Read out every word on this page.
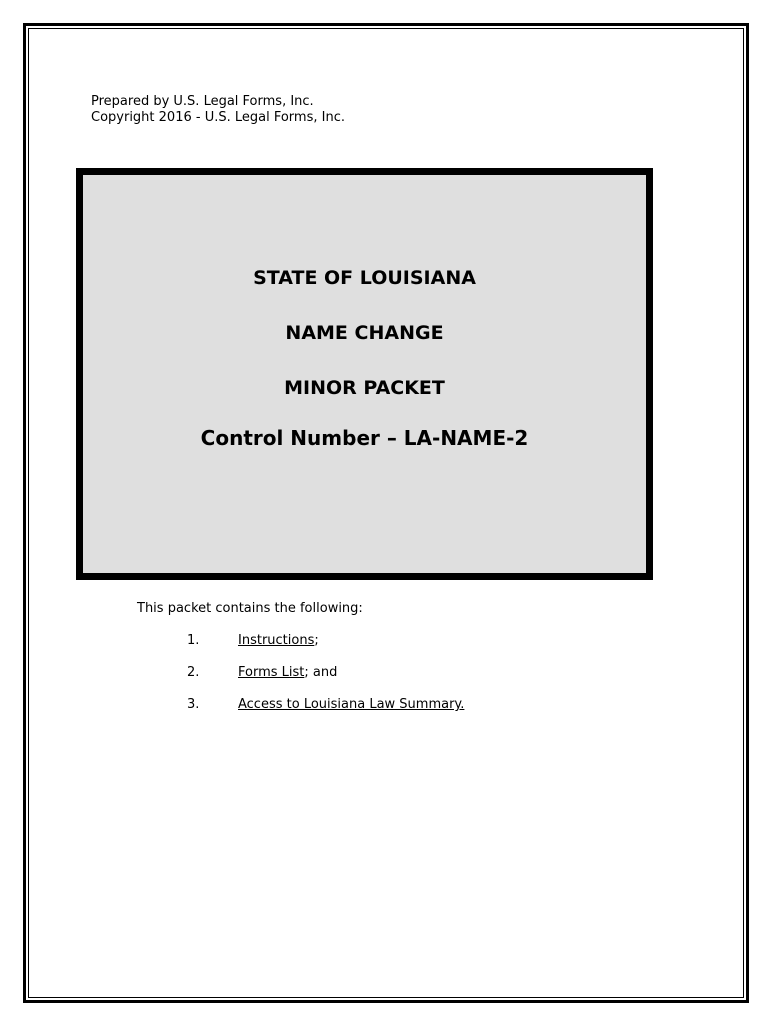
Prepared by U.S. Legal Forms, Inc.
Copyright 2016 - U.S. Legal Forms, Inc.
STATE OF LOUISIANA
NAME CHANGE
MINOR PACKET
Control Number – LA-NAME-2
This packet contains the following:
1.	Instructions;
2.	Forms List; and
3.	Access to Louisiana Law Summary.
